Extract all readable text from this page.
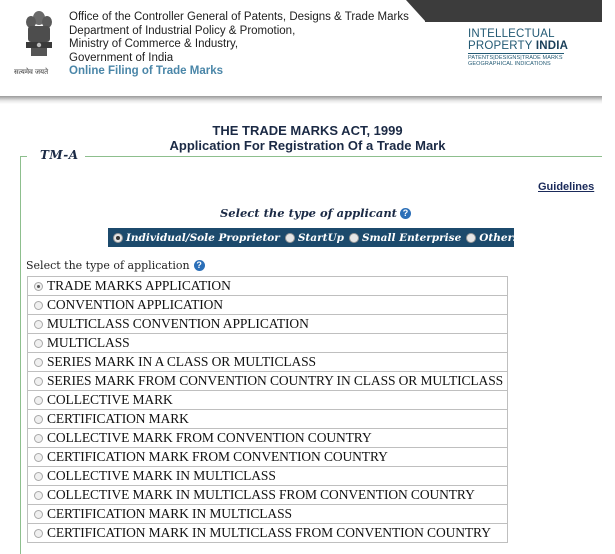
सत्यमेव जयते
Office of the Controller General of Patents, Designs & Trade Marks
Department of Industrial Policy & Promotion,
Ministry of Commerce & Industry,
Government of India
Online Filing of Trade Marks
INTELLECTUAL
PROPERTY INDIA
PATENTS|DESIGNS|TRADE MARKS
GEOGRAPHICAL INDICATIONS
THE TRADE MARKS ACT, 1999
Application For Registration Of a Trade Mark
TM-A
Guidelines
Select the type of applicant ?
Individual/Sole Proprietor StartUp Small Enterprise Others
Select the type of application ?
TRADE MARKS APPLICATION
CONVENTION APPLICATION
MULTICLASS CONVENTION APPLICATION
MULTICLASS
SERIES MARK IN A CLASS OR MULTICLASS
SERIES MARK FROM CONVENTION COUNTRY IN CLASS OR MULTICLASS
COLLECTIVE MARK
CERTIFICATION MARK
COLLECTIVE MARK FROM CONVENTION COUNTRY
CERTIFICATION MARK FROM CONVENTION COUNTRY
COLLECTIVE MARK IN MULTICLASS
COLLECTIVE MARK IN MULTICLASS FROM CONVENTION COUNTRY
CERTIFICATION MARK IN MULTICLASS
CERTIFICATION MARK IN MULTICLASS FROM CONVENTION COUNTRY
